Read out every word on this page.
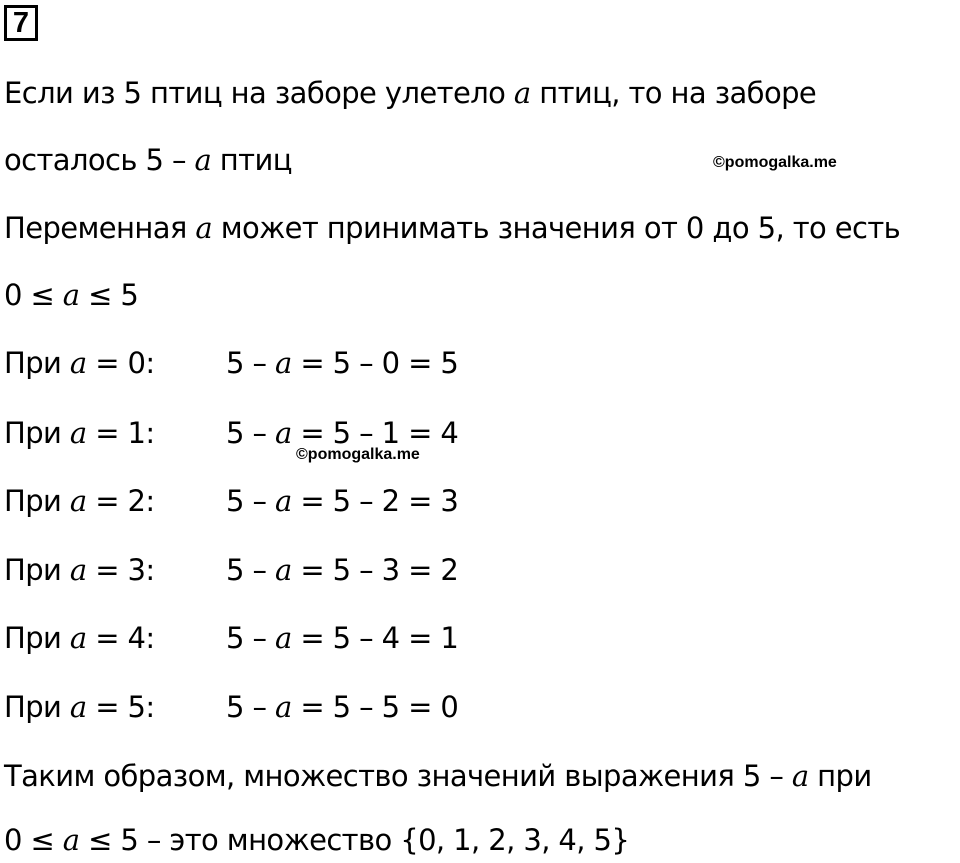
7
Если из 5 птиц на заборе улетело a птиц, то на заборе
осталось 5 – a птиц	©pomogalka.me
Переменная a может принимать значения от 0 до 5, то есть
0 ≤ a ≤ 5
При a = 0: 5 – a = 5 – 0 = 5
При a = 1: 5 – a = 5 – 1 = 4
©pomogalka.me
При a = 2: 5 – a = 5 – 2 = 3
При a = 3: 5 – a = 5 – 3 = 2
При a = 4: 5 – a = 5 – 4 = 1
При a = 5: 5 – a = 5 – 5 = 0
Таким образом, множество значений выражения 5 – a при
0 ≤ a ≤ 5 – это множество {0, 1, 2, 3, 4, 5}
